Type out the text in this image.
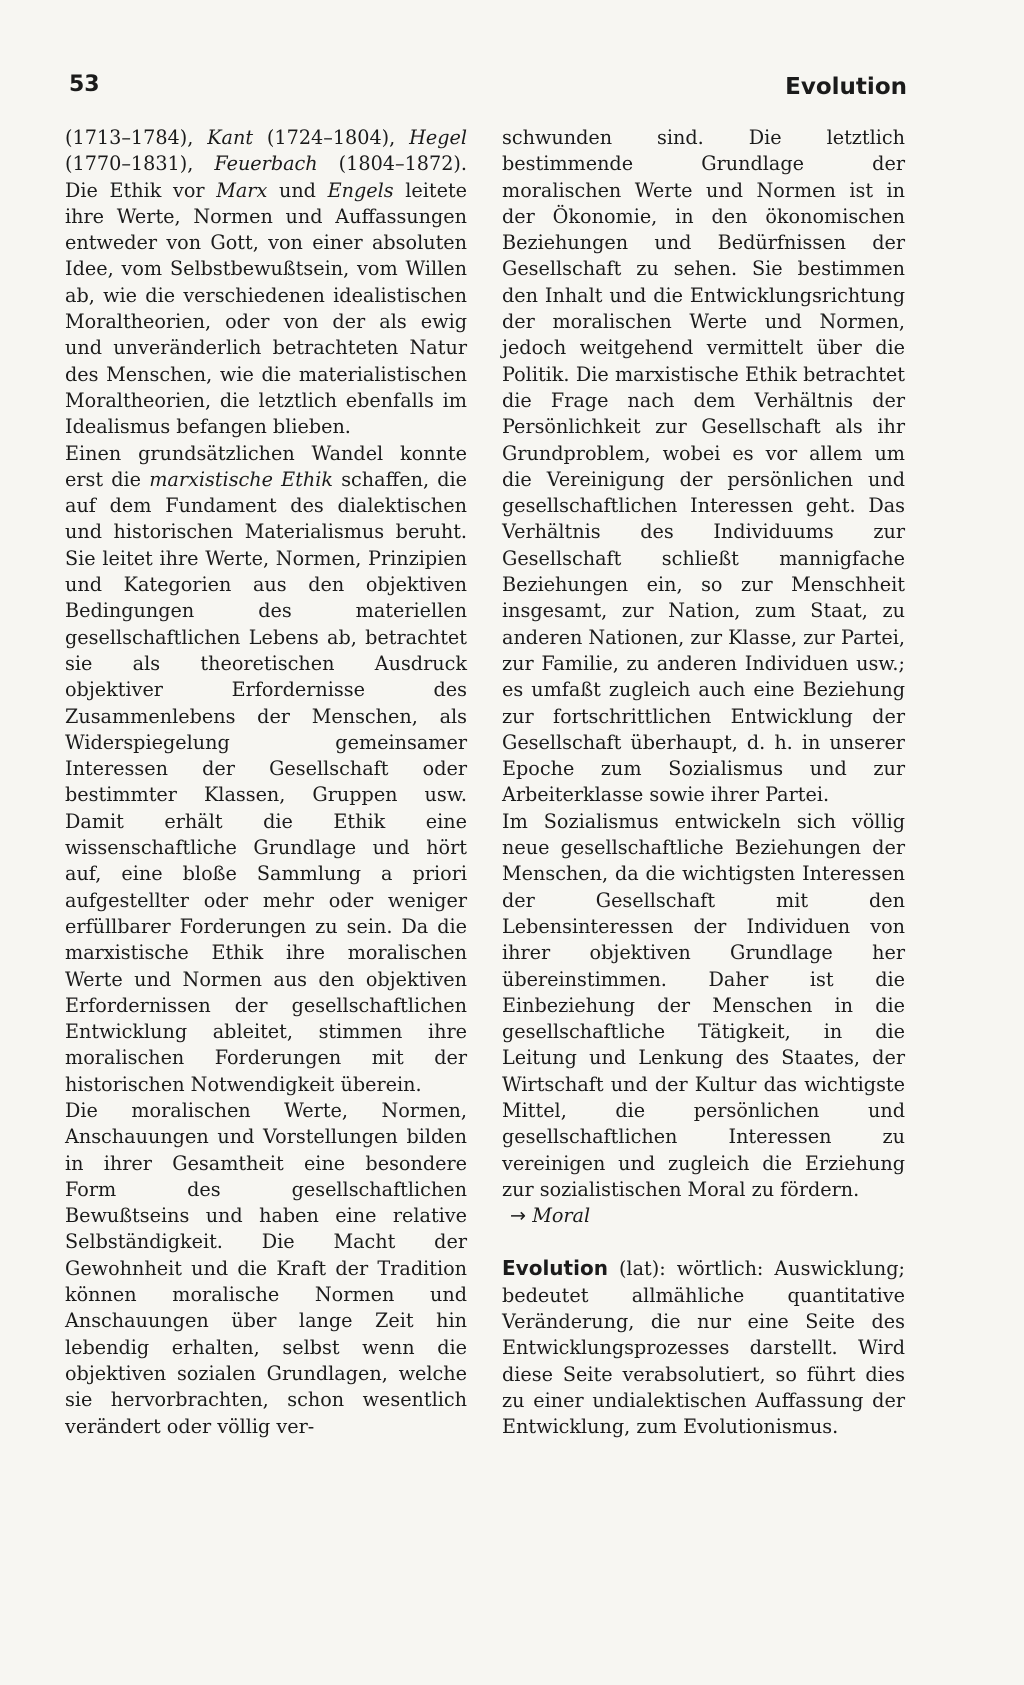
53	Evolution

(1713–1784), Kant (1724–1804), Hegel (1770–1831), Feuerbach (1804–1872). Die Ethik vor Marx und Engels leitete ihre Werte, Normen und Auffassungen entweder von Gott, von einer absoluten Idee, vom Selbstbewußtsein, vom Willen ab, wie die verschiedenen idealistischen Moraltheorien, oder von der als ewig und unveränderlich betrachteten Natur des Menschen, wie die materialistischen Moraltheorien, die letztlich ebenfalls im Idealismus befangen blieben.

Einen grundsätzlichen Wandel konnte erst die marxistische Ethik schaffen, die auf dem Fundament des dialektischen und historischen Materialismus beruht. Sie leitet ihre Werte, Normen, Prinzipien und Kategorien aus den objektiven Bedingungen des materiellen gesellschaftlichen Lebens ab, betrachtet sie als theoretischen Ausdruck objektiver Erfordernisse des Zusammenlebens der Menschen, als Widerspiegelung gemeinsamer Interessen der Gesellschaft oder bestimmter Klassen, Gruppen usw. Damit erhält die Ethik eine wissenschaftliche Grundlage und hört auf, eine bloße Sammlung a priori aufgestellter oder mehr oder weniger erfüllbarer Forderungen zu sein. Da die marxistische Ethik ihre moralischen Werte und Normen aus den objektiven Erfordernissen der gesellschaftlichen Entwicklung ableitet, stimmen ihre moralischen Forderungen mit der historischen Notwendigkeit überein.

Die moralischen Werte, Normen, Anschauungen und Vorstellungen bilden in ihrer Gesamtheit eine besondere Form des gesellschaftlichen Bewußtseins und haben eine relative Selbständigkeit. Die Macht der Gewohnheit und die Kraft der Tradition können moralische Normen und Anschauungen über lange Zeit hin lebendig erhalten, selbst wenn die objektiven sozialen Grundlagen, welche sie hervorbrachten, schon wesentlich verändert oder völlig ver-

schwunden sind. Die letztlich bestimmende Grundlage der moralischen Werte und Normen ist in der Ökonomie, in den ökonomischen Beziehungen und Bedürfnissen der Gesellschaft zu sehen. Sie bestimmen den Inhalt und die Entwicklungsrichtung der moralischen Werte und Normen, jedoch weitgehend vermittelt über die Politik. Die marxistische Ethik betrachtet die Frage nach dem Verhältnis der Persönlichkeit zur Gesellschaft als ihr Grundproblem, wobei es vor allem um die Vereinigung der persönlichen und gesellschaftlichen Interessen geht. Das Verhältnis des Individuums zur Gesellschaft schließt mannigfache Beziehungen ein, so zur Menschheit insgesamt, zur Nation, zum Staat, zu anderen Nationen, zur Klasse, zur Partei, zur Familie, zu anderen Individuen usw.; es umfaßt zugleich auch eine Beziehung zur fortschrittlichen Entwicklung der Gesellschaft überhaupt, d. h. in unserer Epoche zum Sozialismus und zur Arbeiterklasse sowie ihrer Partei.

Im Sozialismus entwickeln sich völlig neue gesellschaftliche Beziehungen der Menschen, da die wichtigsten Interessen der Gesellschaft mit den Lebensinteressen der Individuen von ihrer objektiven Grundlage her übereinstimmen. Daher ist die Einbeziehung der Menschen in die gesellschaftliche Tätigkeit, in die Leitung und Lenkung des Staates, der Wirtschaft und der Kultur das wichtigste Mittel, die persönlichen und gesellschaftlichen Interessen zu vereinigen und zugleich die Erziehung zur sozialistischen Moral zu fördern.

→ Moral

Evolution (lat): wörtlich: Auswicklung; bedeutet allmähliche quantitative Veränderung, die nur eine Seite des Entwicklungsprozesses darstellt. Wird diese Seite verabsolutiert, so führt dies zu einer undialektischen Auffassung der Entwicklung, zum Evolutionismus.
